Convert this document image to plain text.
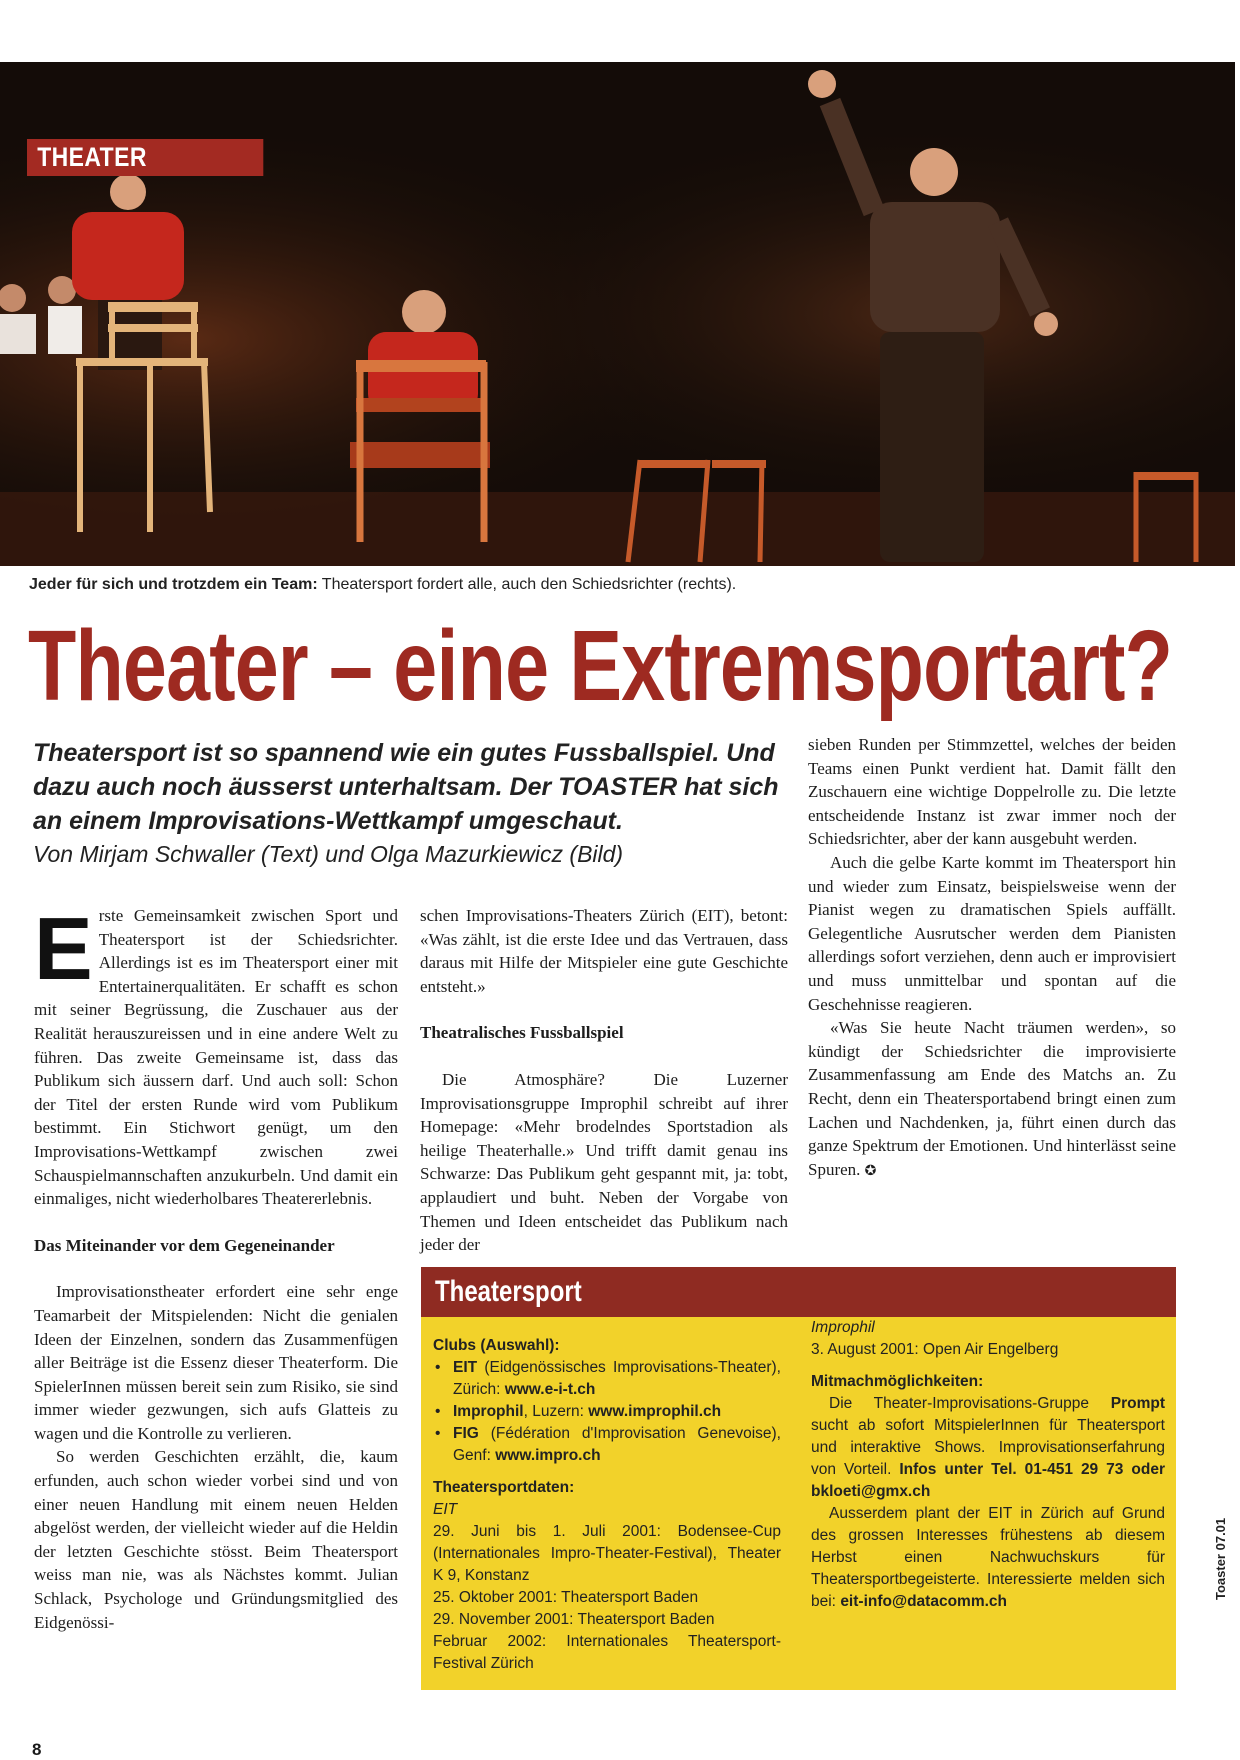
THEATER
Jeder für sich und trotzdem ein Team: Theatersport fordert alle, auch den Schiedsrichter (rechts).
Theater – eine Extremsportart?
Theatersport ist so spannend wie ein gutes Fussballspiel. Und dazu auch noch äusserst unterhaltsam. Der TOASTER hat sich an einem Improvisations-Wettkampf umgeschaut.
Von Mirjam Schwaller (Text) und Olga Mazurkiewicz (Bild)

Erste Gemeinsamkeit zwischen Sport und Theatersport ist der Schiedsrichter. Allerdings ist es im Theatersport einer mit Entertainerqualitäten. Er schafft es schon mit seiner Begrüssung, die Zuschauer aus der Realität herauszureissen und in eine andere Welt zu führen. Das zweite Gemeinsame ist, dass das Publikum sich äussern darf. Und auch soll: Schon der Titel der ersten Runde wird vom Publikum bestimmt. Ein Stichwort genügt, um den Improvisations-Wettkampf zwischen zwei Schauspielmannschaften anzukurbeln. Und damit ein einmaliges, nicht wiederholbares Theatererlebnis.

Das Miteinander vor dem Gegeneinander

Improvisationstheater erfordert eine sehr enge Teamarbeit der Mitspielenden: Nicht die genialen Ideen der Einzelnen, sondern das Zusammenfügen aller Beiträge ist die Essenz dieser Theaterform. Die SpielerInnen müssen bereit sein zum Risiko, sie sind immer wieder gezwungen, sich aufs Glatteis zu wagen und die Kontrolle zu verlieren.

So werden Geschichten erzählt, die, kaum erfunden, auch schon wieder vorbei sind und von einer neuen Handlung mit einem neuen Helden abgelöst werden, der vielleicht wieder auf die Heldin der letzten Geschichte stösst. Beim Theatersport weiss man nie, was als Nächstes kommt. Julian Schlack, Psychologe und Gründungsmitglied des Eidgenössi-

schen Improvisations-Theaters Zürich (EIT), betont: «Was zählt, ist die erste Idee und das Vertrauen, dass daraus mit Hilfe der Mitspieler eine gute Geschichte entsteht.»

Theatralisches Fussballspiel

Die Atmosphäre? Die Luzerner Improvisationsgruppe Improphil schreibt auf ihrer Homepage: «Mehr brodelndes Sportstadion als heilige Theaterhalle.» Und trifft damit genau ins Schwarze: Das Publikum geht gespannt mit, ja: tobt, applaudiert und buht. Neben der Vorgabe von Themen und Ideen entscheidet das Publikum nach jeder der

sieben Runden per Stimmzettel, welches der beiden Teams einen Punkt verdient hat. Damit fällt den Zuschauern eine wichtige Doppelrolle zu. Die letzte entscheidende Instanz ist zwar immer noch der Schiedsrichter, aber der kann ausgebuht werden.

Auch die gelbe Karte kommt im Theatersport hin und wieder zum Einsatz, beispielsweise wenn der Pianist wegen zu dramatischen Spiels auffällt. Gelegentliche Ausrutscher werden dem Pianisten allerdings sofort verziehen, denn auch er improvisiert und muss unmittelbar und spontan auf die Geschehnisse reagieren.

«Was Sie heute Nacht träumen werden», so kündigt der Schiedsrichter die improvisierte Zusammenfassung am Ende des Matchs an. Zu Recht, denn ein Theatersportabend bringt einen zum Lachen und Nachdenken, ja, führt einen durch das ganze Spektrum der Emotionen. Und hinterlässt seine Spuren. ✪

Theatersport
Clubs (Auswahl):
• EIT (Eidgenössisches Improvisations-Theater), Zürich: www.e-i-t.ch
• Improphil, Luzern: www.improphil.ch
• FIG (Fédération d'Improvisation Genevoise), Genf: www.impro.ch
Theatersportdaten:
EIT

29. Juni bis 1. Juli 2001: Bodensee-Cup (Internationales Impro-Theater-Festival), Theater K 9, Konstanz

25. Oktober 2001: Theatersport Baden

29. November 2001: Theatersport Baden

Februar 2002: Internationales Theatersport-Festival Zürich

Improphil

3. August 2001: Open Air Engelberg

Mitmachmöglichkeiten:

Die Theater-Improvisations-Gruppe Prompt sucht ab sofort MitspielerInnen für Theatersport und interaktive Shows. Improvisationserfahrung von Vorteil. Infos unter Tel. 01-451 29 73 oder bkloeti@gmx.ch

Ausserdem plant der EIT in Zürich auf Grund des grossen Interesses frühestens ab diesem Herbst einen Nachwuchskurs für Theatersportbegeisterte. Interessierte melden sich bei: eit-info@datacomm.ch

8
Toaster 07.01
